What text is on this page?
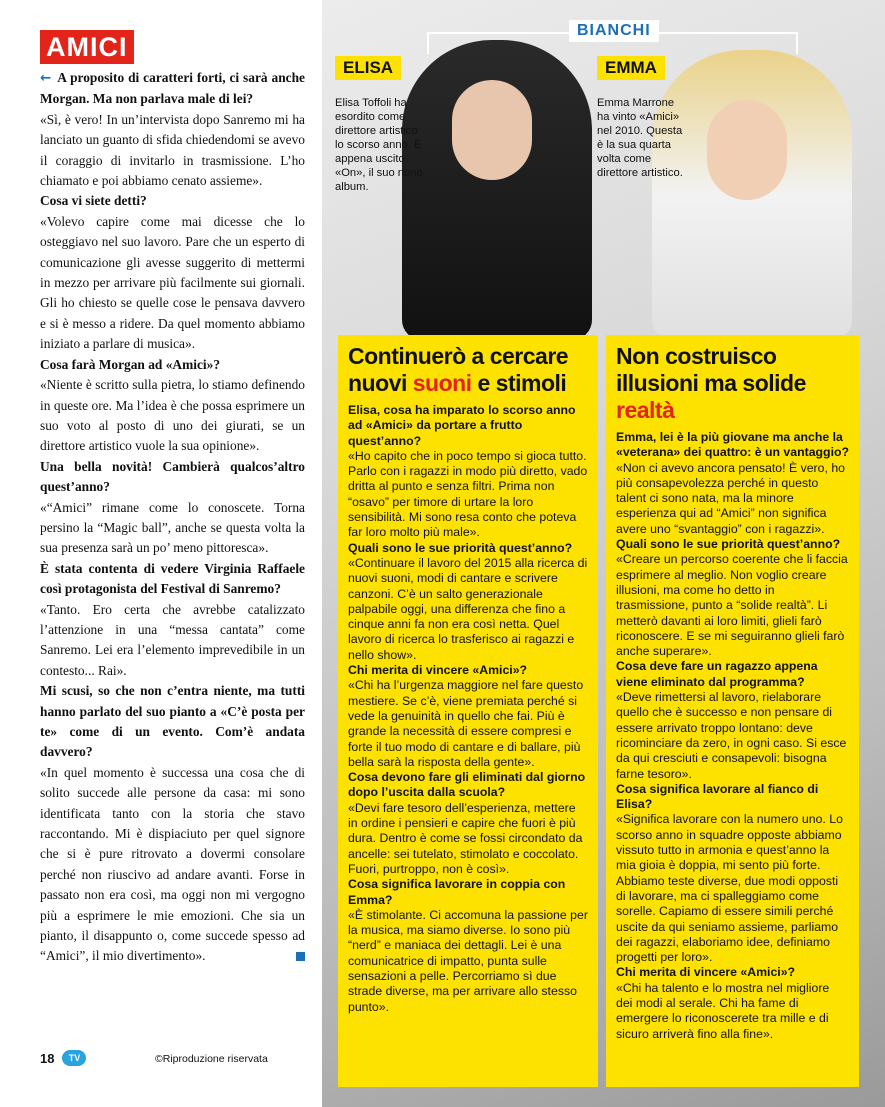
AMICI

← A proposito di caratteri forti, ci sarà anche Morgan. Ma non parlava male di lei?

«Sì, è vero! In un’intervista dopo Sanremo mi ha lanciato un guanto di sfida chiedendomi se avevo il coraggio di invitarlo in trasmissione. L’ho chiamato e poi abbiamo cenato assieme».

Cosa vi siete detti?

«Volevo capire come mai dicesse che lo osteggiavo nel suo lavoro. Pare che un esperto di comunicazione gli avesse suggerito di mettermi in mezzo per arrivare più facilmente sui giornali. Gli ho chiesto se quelle cose le pensava davvero e si è messo a ridere. Da quel momento abbiamo iniziato a parlare di musica».

Cosa farà Morgan ad «Amici»?

«Niente è scritto sulla pietra, lo stiamo definendo in queste ore. Ma l’idea è che possa esprimere un suo voto al posto di uno dei giurati, se un direttore artistico vuole la sua opinione».

Una bella novità! Cambierà qualcos’altro quest’anno?

«“Amici” rimane come lo conoscete. Torna persino la “Magic ball”, anche se questa volta la sua presenza sarà un po’ meno pittoresca».

È stata contenta di vedere Virginia Raffaele così protagonista del Festival di Sanremo?

«Tanto. Ero certa che avrebbe catalizzato l’attenzione in una “messa cantata” come Sanremo. Lei era l’elemento imprevedibile in un contesto... Rai».

Mi scusi, so che non c’entra niente, ma tutti hanno parlato del suo pianto a «C’è posta per te» come di un evento. Com’è andata davvero?

«In quel momento è successa una cosa che di solito succede alle persone da casa: mi sono identificata tanto con la storia che stavo raccontando. Mi è dispiaciuto per quel signore che si è pure ritrovato a dovermi consolare perché non riuscivo ad andare avanti. Forse in passato non era così, ma oggi non mi vergogno più a esprimere le mie emozioni. Che sia un pianto, il disappunto o, come succede spesso ad “Amici”, il mio divertimento».

18	TV	©Riproduzione riservata
BIANCHI
ELISA
Elisa Toffoli ha esordito come direttore artistico lo scorso anno. È appena uscito «On», il suo nono album.
EMMA
Emma Marrone ha vinto «Amici» nel 2010. Questa è la sua quarta volta come direttore artistico.
Continuerò a cercare nuovi suoni e stimoli

Elisa, cosa ha imparato lo scorso anno ad «Amici» da portare a frutto quest’anno?

«Ho capito che in poco tempo si gioca tutto. Parlo con i ragazzi in modo più diretto, vado dritta al punto e senza filtri. Prima non “osavo” per timore di urtare la loro sensibilità. Mi sono resa conto che poteva far loro molto più male».

Quali sono le sue priorità quest’anno?

«Continuare il lavoro del 2015 alla ricerca di nuovi suoni, modi di cantare e scrivere canzoni. C’è un salto generazionale palpabile oggi, una differenza che fino a cinque anni fa non era così netta. Quel lavoro di ricerca lo trasferisco ai ragazzi e nello show».

Chi merita di vincere «Amici»?

«Chi ha l’urgenza maggiore nel fare questo mestiere. Se c’è, viene premiata perché si vede la genuinità in quello che fai. Più è grande la necessità di essere compresi e forte il tuo modo di cantare e di ballare, più bella sarà la risposta della gente».

Cosa devono fare gli eliminati dal giorno dopo l’uscita dalla scuola?

«Devi fare tesoro dell’esperienza, mettere in ordine i pensieri e capire che fuori è più dura. Dentro è come se fossi circondato da ancelle: sei tutelato, stimolato e coccolato. Fuori, purtroppo, non è così».

Cosa significa lavorare in coppia con Emma?

«È stimolante. Ci accomuna la passione per la musica, ma siamo diverse. Io sono più “nerd” e maniaca dei dettagli. Lei è una comunicatrice di impatto, punta sulle sensazioni a pelle. Percorriamo sì due strade diverse, ma per arrivare allo stesso punto».

Non costruisco illusioni ma solide realtà

Emma, lei è la più giovane ma anche la «veterana» dei quattro: è un vantaggio?

«Non ci avevo ancora pensato! È vero, ho più consapevolezza perché in questo talent ci sono nata, ma la minore esperienza qui ad “Amici” non significa avere uno “svantaggio” con i ragazzi».

Quali sono le sue priorità quest’anno?

«Creare un percorso coerente che li faccia esprimere al meglio. Non voglio creare illusioni, ma come ho detto in trasmissione, punto a “solide realtà”. Li metterò davanti ai loro limiti, glieli farò riconoscere. E se mi seguiranno glieli farò anche superare».

Cosa deve fare un ragazzo appena viene eliminato dal programma?

«Deve rimettersi al lavoro, rielaborare quello che è successo e non pensare di essere arrivato troppo lontano: deve ricominciare da zero, in ogni caso. Si esce da qui cresciuti e consapevoli: bisogna farne tesoro».

Cosa significa lavorare al fianco di Elisa?

«Significa lavorare con la numero uno. Lo scorso anno in squadre opposte abbiamo vissuto tutto in armonia e quest’anno la mia gioia è doppia, mi sento più forte. Abbiamo teste diverse, due modi opposti di lavorare, ma ci spalleggiamo come sorelle. Capiamo di essere simili perché uscite da qui seniamo assieme, parliamo dei ragazzi, elaboriamo idee, definiamo progetti per loro».

Chi merita di vincere «Amici»?

«Chi ha talento e lo mostra nel migliore dei modi al serale. Chi ha fame di emergere lo riconoscerete tra mille e di sicuro arriverà fino alla fine».
